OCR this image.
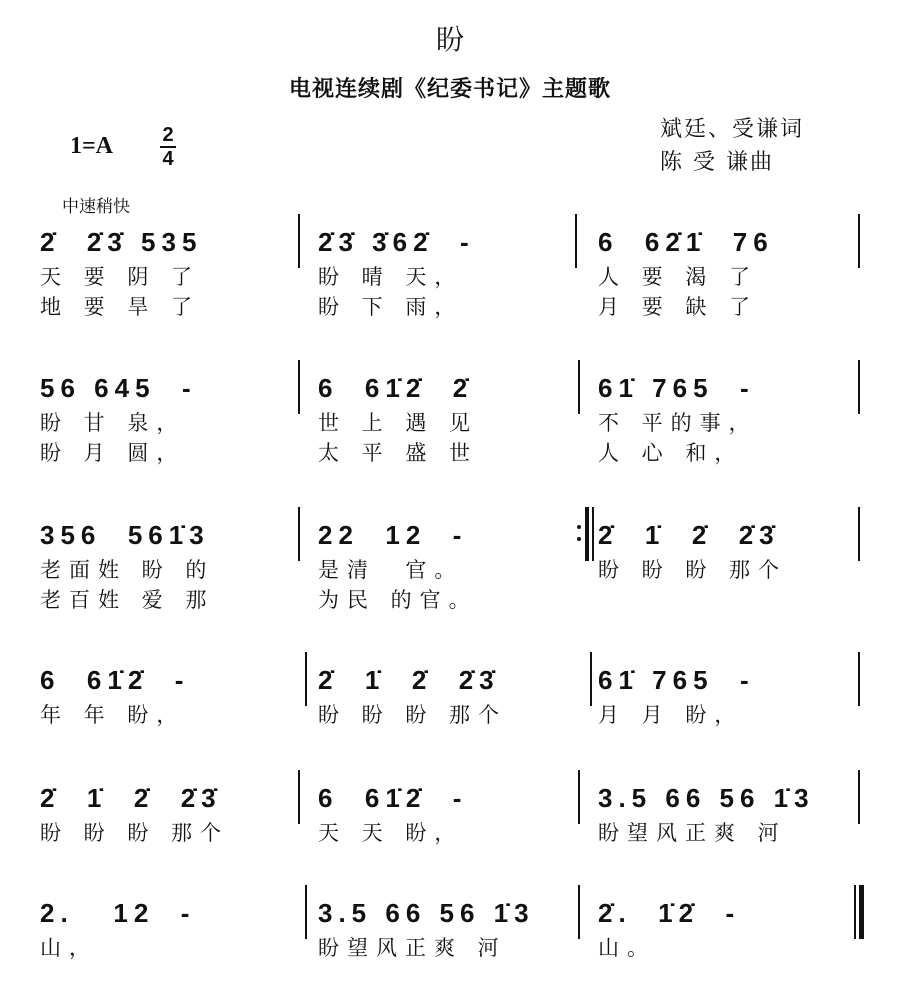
盼
电视连续剧《纪委书记》主题歌
1=A 2
4
斌廷、受谦词
陈 受 谦曲
中速稍快
2̇  2̇3̇ 535
天 要 阴 了
地 要 旱 了
2̇3̇ 3̇62̇  -
盼 晴 天，
盼 下 雨，
6  62̇1̇  76
人 要 渴 了
月 要 缺 了
56 645  -
盼 甘 泉，
盼 月 圆，
6  61̇2̇  2̇
世 上 遇 见
太 平 盛 世
61̇ 765  -
不 平的事，
人 心 和，
356  561̇3
老面姓 盼 的
老百姓 爱 那
22  12  -
是清  官。
为民 的官。
2̇  1̇  2̇  2̇3̇
盼 盼 盼 那个
6  61̇2̇  -
年 年 盼，
2̇  1̇  2̇  2̇3̇
盼 盼 盼 那个
61̇ 765  -
月 月 盼，
2̇  1̇  2̇  2̇3̇
盼 盼 盼 那个
6  61̇2̇  -
天 天 盼，
3.5 66 56 1̇3
盼望风正爽 河
2.   12  -
山，
3.5 66 56 1̇3
盼望风正爽 河
2̇.  1̇2̇  -
山。
